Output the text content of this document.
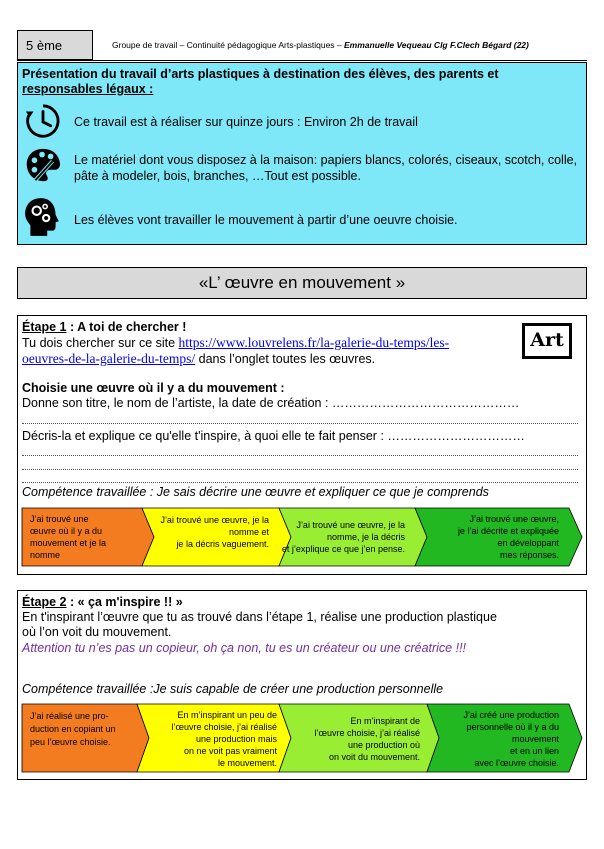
5 ème	Groupe de travail – Continuité pédagogique Arts-plastiques – Emmanuelle Vequeau Clg F.Clech Bégard (22)
Présentation du travail d’arts plastiques à destination des élèves, des parents et
responsables légaux :
Ce travail est à réaliser sur quinze jours : Environ 2h de travail
Le matériel dont vous disposez à la maison: papiers blancs, colorés, ciseaux, scotch, colle,
pâte à modeler, bois, branches, …Tout est possible.
Les élèves vont travailler le mouvement à partir d’une oeuvre choisie.
«L’ œuvre en mouvement »
Étape 1 : A toi de chercher !
Tu dois chercher sur ce site https://www.louvrelens.fr/la-galerie-du-temps/les-
oeuvres-de-la-galerie-du-temps/ dans l’onglet toutes les œuvres.
Art
Choisie une œuvre où il y a du mouvement :
Donne son titre, le nom de l’artiste, la date de création : ………………………………………
Décris-la et explique ce qu'elle t'inspire, à quoi elle te fait penser : ……………………………
Compétence travaillée : Je sais décrire une œuvre et expliquer ce que je comprends
J’ai trouvé une
œuvre où il y a du
mouvement et je la
nomme
J’ai trouvé une œuvre, je la
nomme et
je la décris vaguement.
J’ai trouvé une œuvre, je la
nomme, je la décris
et j’explique ce que j’en pense.
J’ai trouvé une œuvre,
je l’ai décrite et expliquée
en développant
mes réponses.
Étape 2 : « ça m'inspire !! »
En t'inspirant l’œuvre que tu as trouvé dans l’étape 1, réalise une production plastique
où l’on voit du mouvement.
Attention tu n’es pas un copieur, oh ça non, tu es un créateur ou une créatrice !!!
Compétence travaillée :Je suis capable de créer une production personnelle
J’ai réalisé une pro-
duction en copiant un
peu l’œuvre choisie.
En m’inspirant un peu de
l’œuvre choisie, j’ai réalisé
une production mais
on ne voit pas vraiment
le mouvement.
En m’inspirant de
l’œuvre choisie, j’ai réalisé
une production où
on voit du mouvement.
J’ai créé une production
personnelle où il y a du
mouvement
et en un lien
avec l’œuvre choisie.
